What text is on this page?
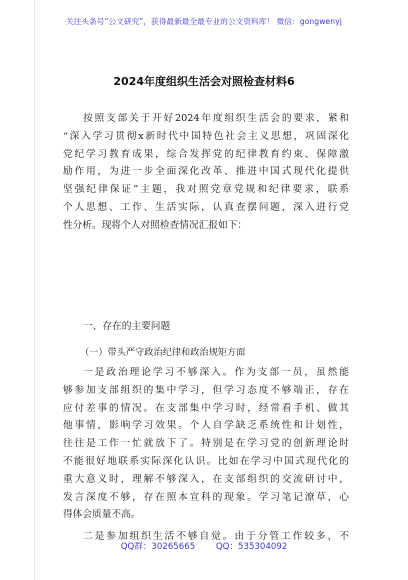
关注头条号“公文研究”，获得最新最全最专业的公文资料库！ 微信：gongwenyj
2024年度组织生活会对照检查材料6
按照支部关于开好2024年度组织生活会的要求，紧和
“深入学习贯彻x新时代中国特色社会主义思想，巩固深化
党纪学习教育成果，综合发挥党的纪律教育约束、保障激
励作用，为进一步全面深化改革、推进中国式现代化提供
坚强纪律保证”主题，我对照党章党规和纪律要求，联系
个人思想、工作、生活实际，认真查摆问题，深入进行党
性分析。现将个人对照检查情况汇报如下：
一、存在的主要问题
（一）带头严守政治纪律和政治规矩方面
一是政治理论学习不够深入。作为支部一员，虽然能
够参加支部组织的集中学习，但学习态度不够端正，存在
应付差事的情况。在支部集中学习时，经常看手机、做其
他事情，影响学习效果。个人自学缺乏系统性和计划性，
往往是工作一忙就放下了。特别是在学习党的创新理论时
不能很好地联系实际深化认识。比如在学习中国式现代化的
重大意义时，理解不够深入，在支部组织的交流研讨中，
发言深度不够，存在照本宣科的现象。学习笔记潦草，心
得体会质量不高。
二是参加组织生活不够自觉。由于分管工作较多，不
QQ群：30265665 QQ：535304092
